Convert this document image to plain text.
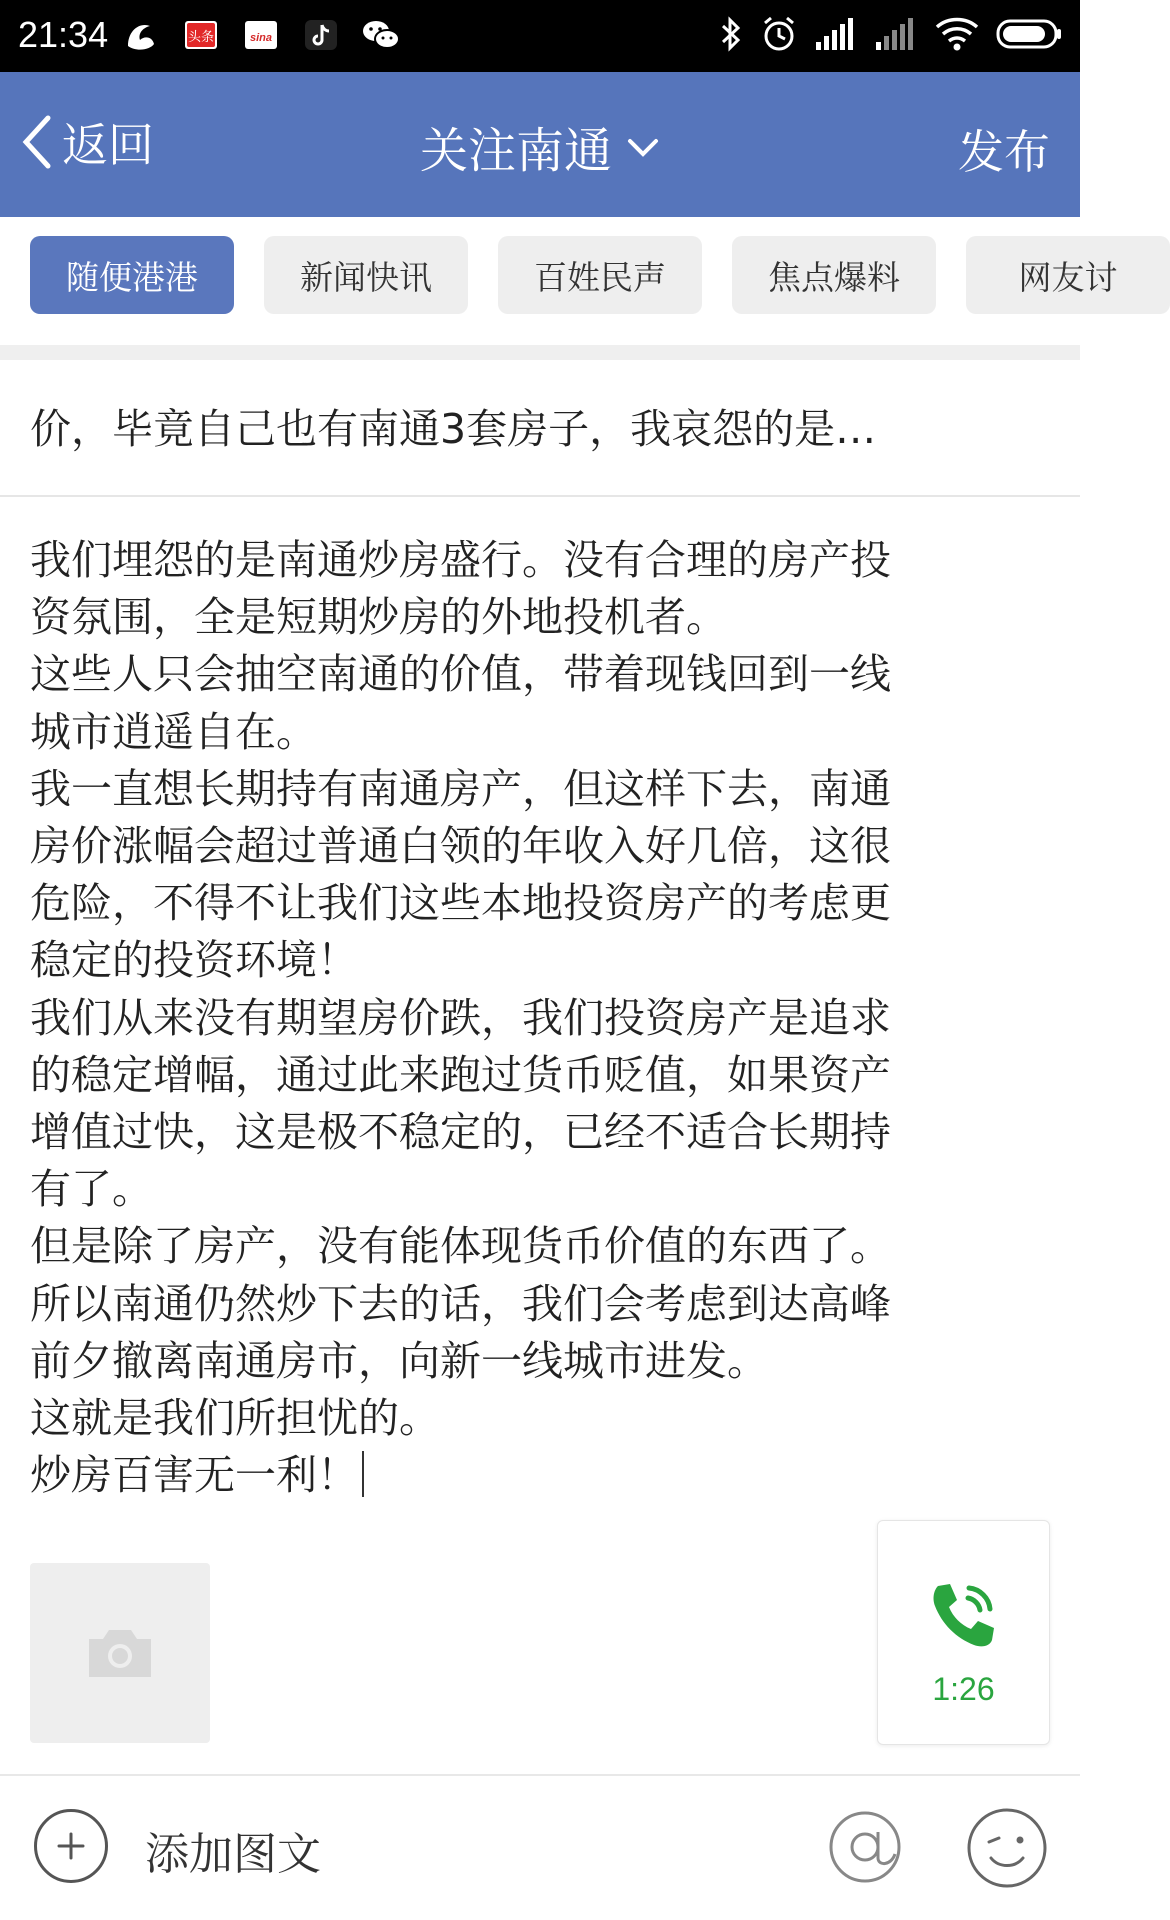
21:34	头条	sina
返回	关注南通	发布
随便港港	新闻快讯	百姓民声	焦点爆料	网友讨
价，毕竟自己也有南通3套房子，我哀怨的是…

我们埋怨的是南通炒房盛行。没有合理的房产投

资氛围，全是短期炒房的外地投机者。

这些人只会抽空南通的价值，带着现钱回到一线

城市逍遥自在。

我一直想长期持有南通房产，但这样下去，南通

房价涨幅会超过普通白领的年收入好几倍，这很

危险，不得不让我们这些本地投资房产的考虑更

稳定的投资环境！

我们从来没有期望房价跌，我们投资房产是追求

的稳定增幅，通过此来跑过货币贬值，如果资产

增值过快，这是极不稳定的，已经不适合长期持

有了。

但是除了房产，没有能体现货币价值的东西了。

所以南通仍然炒下去的话，我们会考虑到达高峰

前夕撤离南通房市，向新一线城市进发。

这就是我们所担忧的。

炒房百害无一利！

1:26
添加图文
